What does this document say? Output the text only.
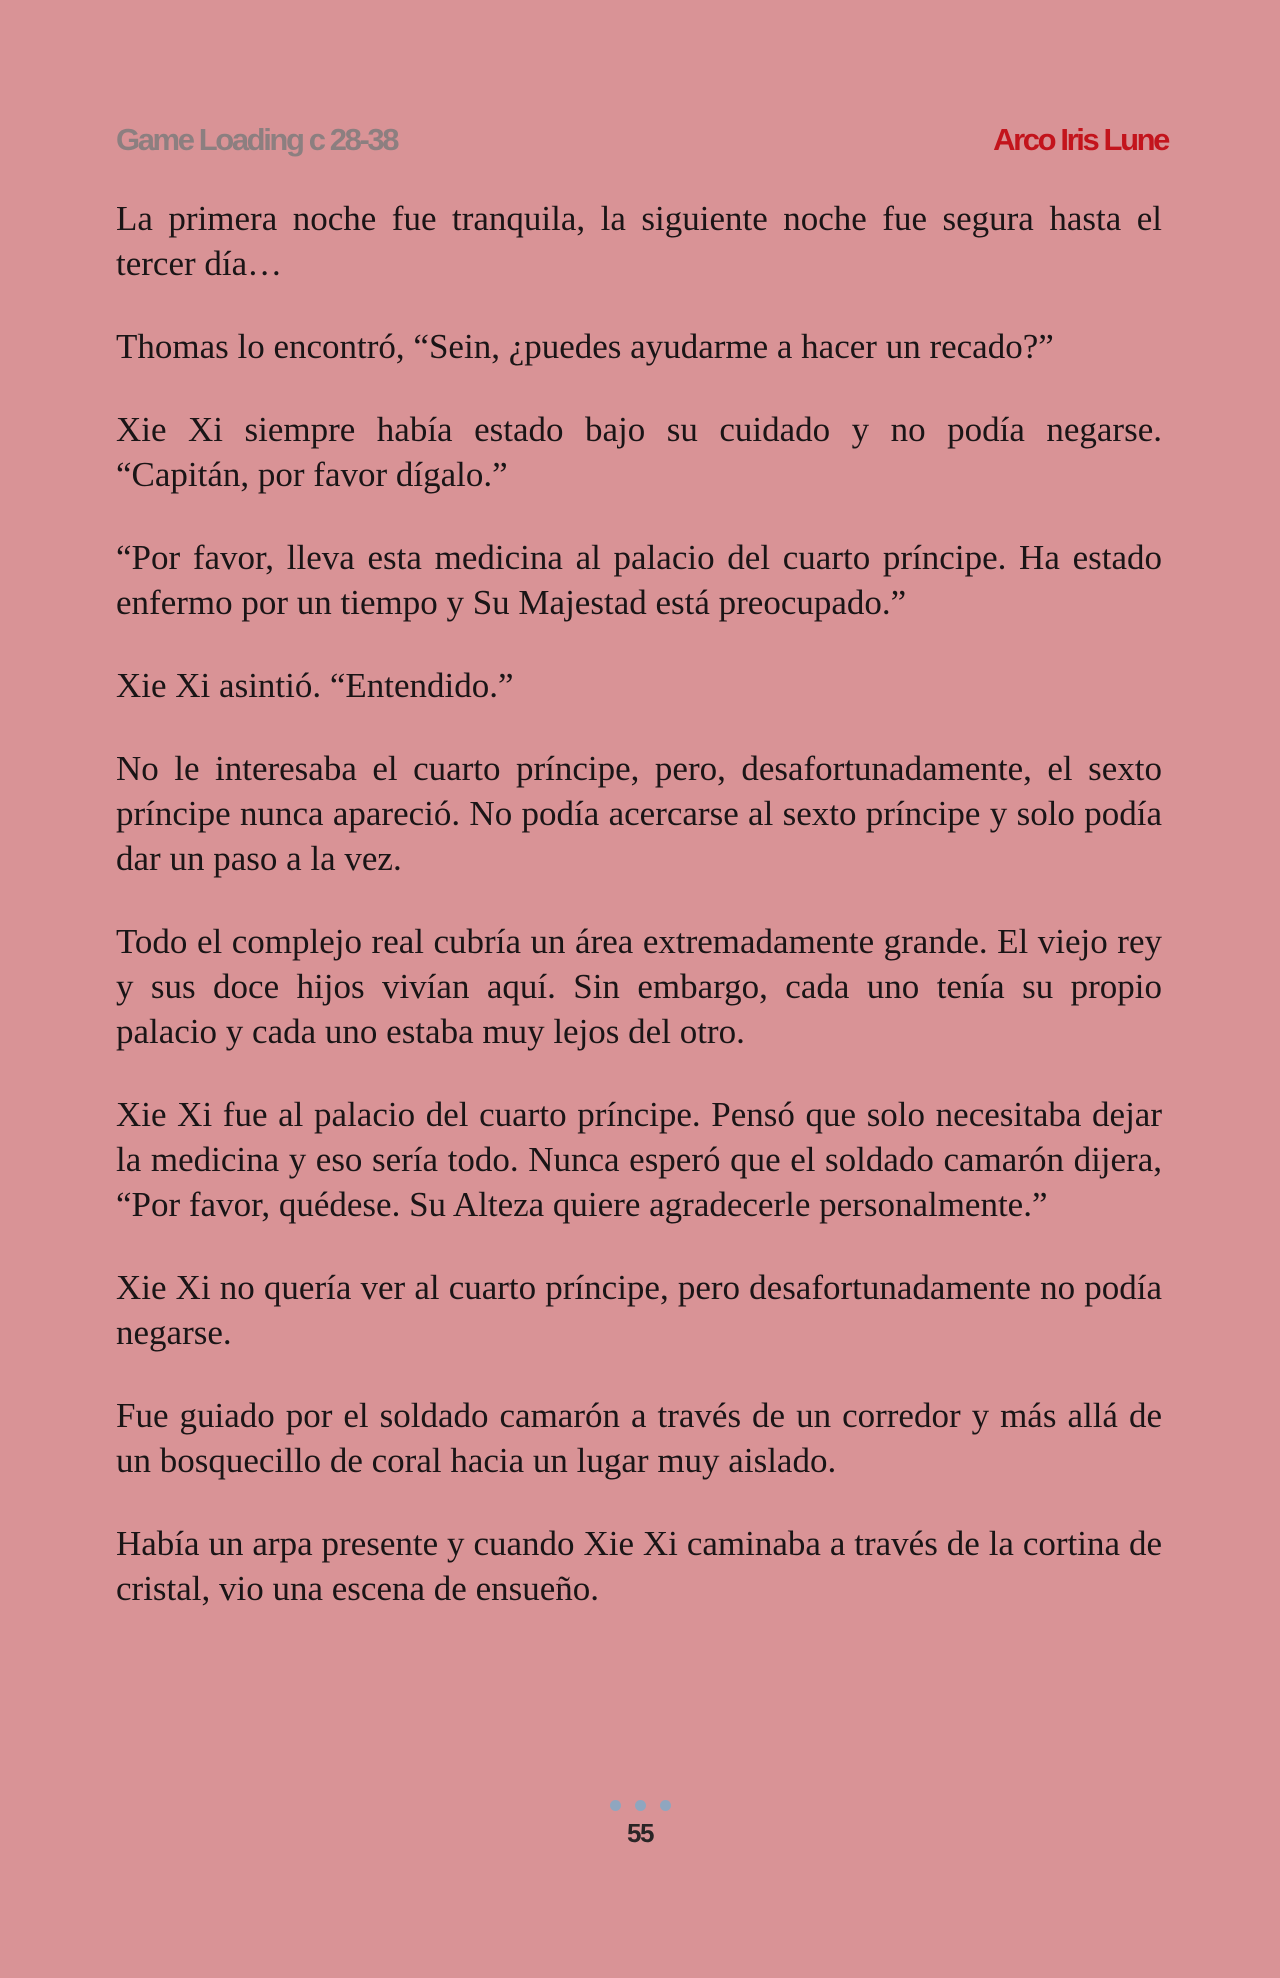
Game Loading c 28-38	Arco Iris Lune

La primera noche fue tranquila, la siguiente noche fue segura hasta el tercer día…

Thomas lo encontró, “Sein, ¿puedes ayudarme a hacer un recado?”

Xie Xi siempre había estado bajo su cuidado y no podía negarse. “Capitán, por favor dígalo.”

“Por favor, lleva esta medicina al palacio del cuarto príncipe. Ha estado enfermo por un tiempo y Su Majestad está preocupado.”

Xie Xi asintió. “Entendido.”

No le interesaba el cuarto príncipe, pero, desafortunadamente, el sexto príncipe nunca apareció. No podía acercarse al sexto príncipe y solo podía dar un paso a la vez.

Todo el complejo real cubría un área extremadamente grande. El viejo rey y sus doce hijos vivían aquí. Sin embargo, cada uno tenía su propio palacio y cada uno estaba muy lejos del otro.

Xie Xi fue al palacio del cuarto príncipe. Pensó que solo necesitaba dejar la medicina y eso sería todo. Nunca esperó que el soldado camarón dijera, “Por favor, quédese. Su Alteza quiere agradecerle personalmente.”

Xie Xi no quería ver al cuarto príncipe, pero desafortunadamente no podía negarse.

Fue guiado por el soldado camarón a través de un corredor y más allá de un bosquecillo de coral hacia un lugar muy aislado.

Había un arpa presente y cuando Xie Xi caminaba a través de la cortina de cristal, vio una escena de ensueño.

55
